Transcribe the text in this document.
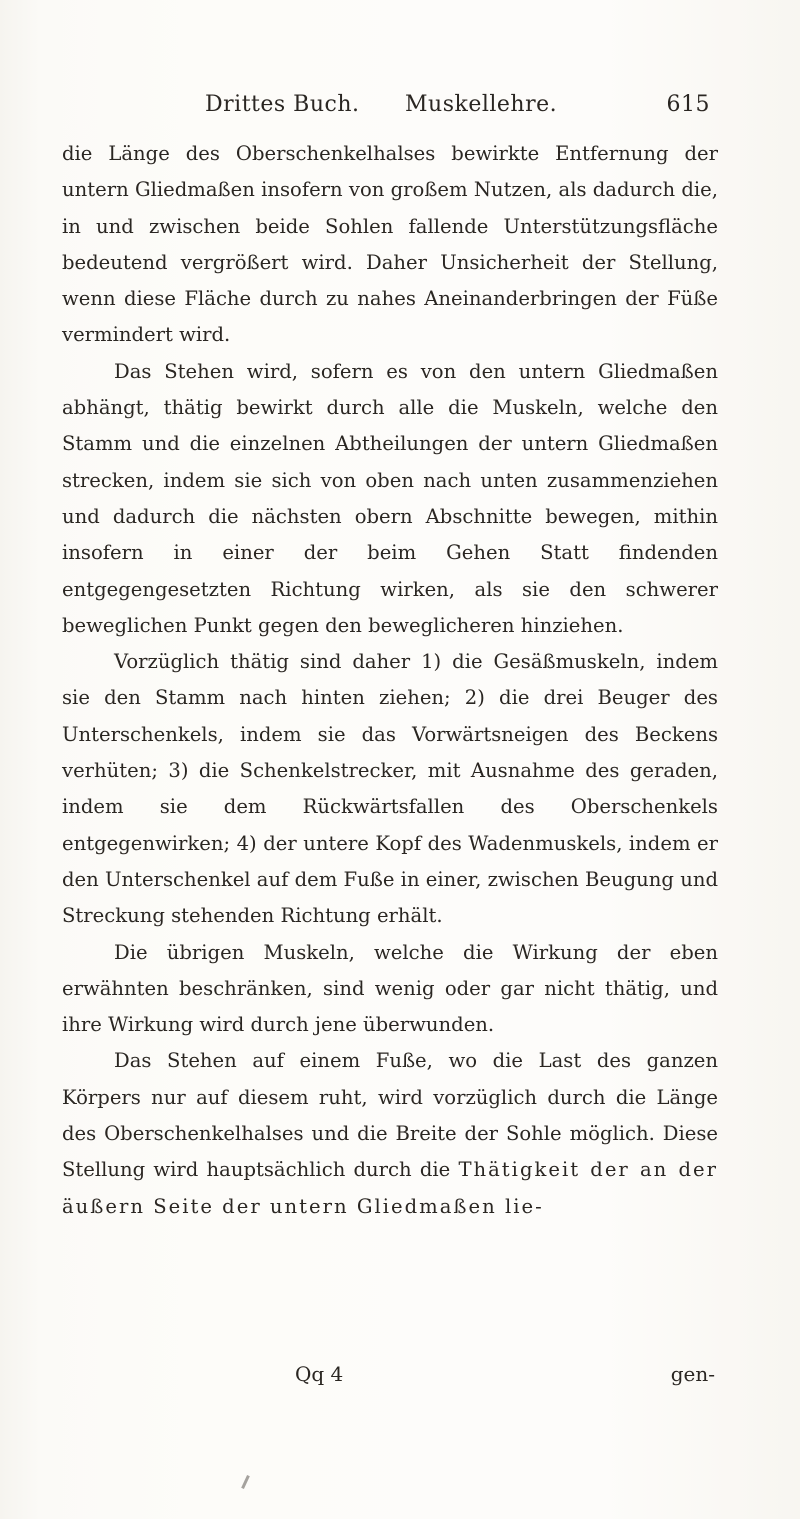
Drittes Buch. Muskellehre.	615

die Länge des Oberschenkelhalses bewirkte Entfernung der untern Gliedmaßen insofern von großem Nutzen, als dadurch die, in und zwischen beide Sohlen fallende Unterstützungsfläche bedeutend vergrößert wird. Daher Unsicherheit der Stellung, wenn diese Fläche durch zu nahes Aneinanderbringen der Füße vermindert wird.

Das Stehen wird, sofern es von den untern Gliedmaßen abhängt, thätig bewirkt durch alle die Muskeln, welche den Stamm und die einzelnen Abtheilungen der untern Gliedmaßen strecken, indem sie sich von oben nach unten zusammenziehen und dadurch die nächsten obern Abschnitte bewegen, mithin insofern in einer der beim Gehen Statt findenden entgegengesetzten Richtung wirken, als sie den schwerer beweglichen Punkt gegen den beweglicheren hinziehen.

Vorzüglich thätig sind daher 1) die Gesäßmuskeln, indem sie den Stamm nach hinten ziehen; 2) die drei Beuger des Unterschenkels, indem sie das Vorwärtsneigen des Beckens verhüten; 3) die Schenkelstrecker, mit Ausnahme des geraden, indem sie dem Rückwärtsfallen des Oberschenkels entgegenwirken; 4) der untere Kopf des Wadenmuskels, indem er den Unterschenkel auf dem Fuße in einer, zwischen Beugung und Streckung stehenden Richtung erhält.

Die übrigen Muskeln, welche die Wirkung der eben erwähnten beschränken, sind wenig oder gar nicht thätig, und ihre Wirkung wird durch jene überwunden.

Das Stehen auf einem Fuße, wo die Last des ganzen Körpers nur auf diesem ruht, wird vorzüglich durch die Länge des Oberschenkelhalses und die Breite der Sohle möglich. Diese Stellung wird hauptsächlich durch die Thätigkeit der an der äußern Seite der untern Gliedmaßen lie-

Qq 4	gen-
